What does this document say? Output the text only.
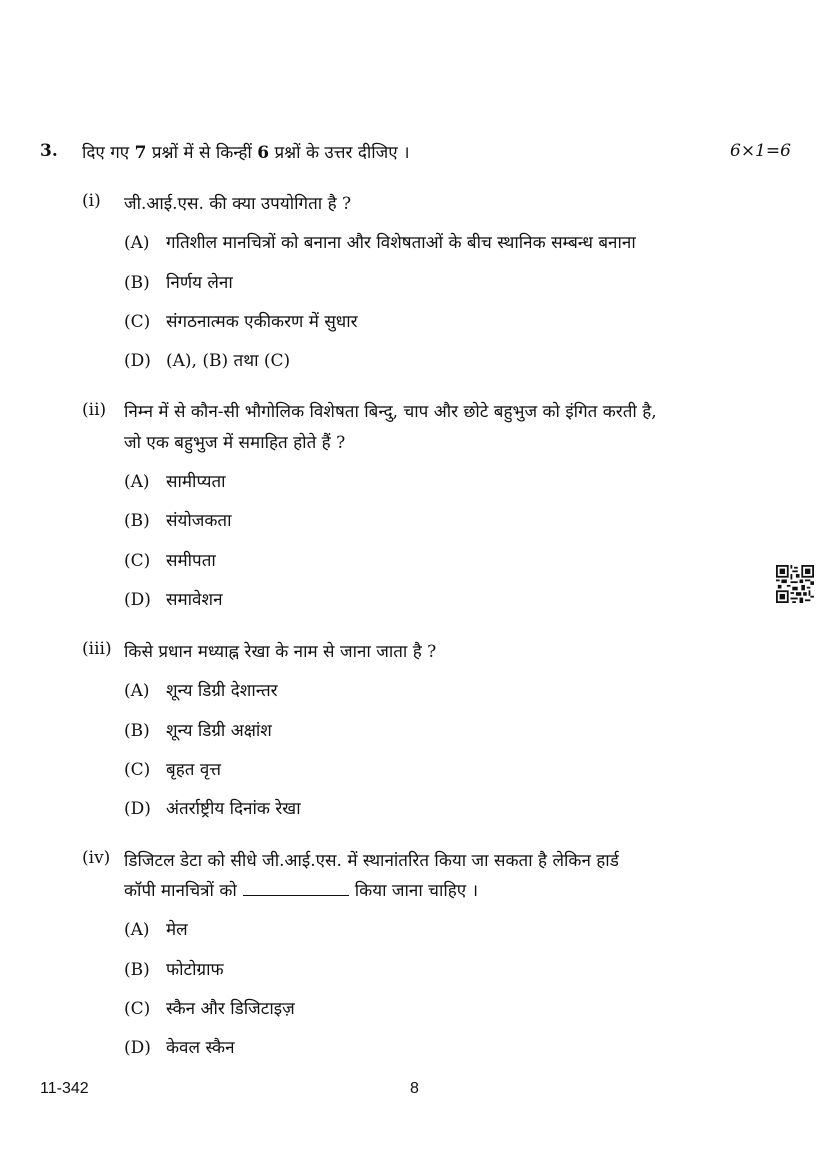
3. दिए गए 7 प्रश्नों में से किन्हीं 6 प्रश्नों के उत्तर दीजिए ।	6×1=6
(i) जी.आई.एस. की क्या उपयोगिता है ?
(A) गतिशील मानचित्रों को बनाना और विशेषताओं के बीच स्थानिक सम्बन्ध बनाना
(B) निर्णय लेना
(C) संगठनात्मक एकीकरण में सुधार
(D) (A), (B) तथा (C)
(ii) निम्न में से कौन-सी भौगोलिक विशेषता बिन्दु, चाप और छोटे बहुभुज को इंगित करती है,
जो एक बहुभुज में समाहित होते हैं ?
(A) सामीप्यता
(B) संयोजकता
(C) समीपता
(D) समावेशन
(iii) किसे प्रधान मध्याह्न रेखा के नाम से जाना जाता है ?
(A) शून्य डिग्री देशान्तर
(B) शून्य डिग्री अक्षांश
(C) बृहत वृत्त
(D) अंतर्राष्ट्रीय दिनांक रेखा
(iv) डिजिटल डेटा को सीधे जी.आई.एस. में स्थानांतरित किया जा सकता है लेकिन हार्ड
कॉपी मानचित्रों को	किया जाना चाहिए ।
(A) मेल
(B) फोटोग्राफ
(C) स्कैन और डिजिटाइज़
(D) केवल स्कैन
11-342	8
